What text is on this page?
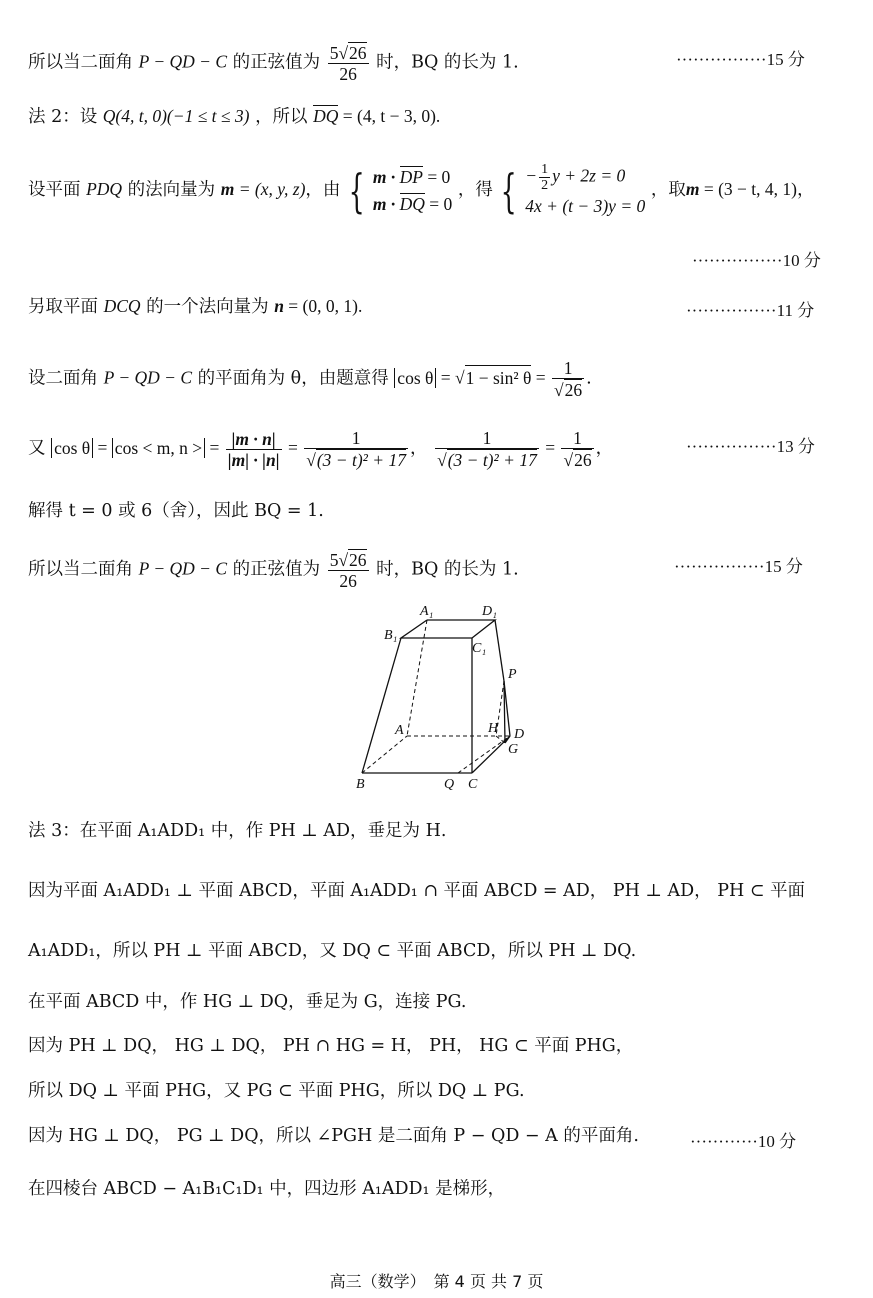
所以当二面角 P − QD − C 的正弦值为 $\frac{5√26}{26}$ 时，BQ 的长为 1.	················15 分
法 2：设 Q(4, t, 0)(−1 ≤ t ≤ 3) ，所以 DQ = (4, t − 3, 0).
设平面 PDQ 的法向量为 m = (x, y, z)，由 { m · DP = 0
m · DQ = 0
，得 { − $\frac{1}{2}$ y + 2z = 0
4x + (t − 3)y = 0
，取m = (3 − t, 4, 1)，
················10 分
另取平面 DCQ 的一个法向量为 n = (0, 0, 1).	················11 分
设二面角 P − QD − C 的平面角为 θ，由题意得 cos θ = √1 − sin² $\theta = \frac{1}{√26}$ .
又 cos θ = cos < m, n > = $\frac{|m \cdot n|}{|m| \cdot |n|} = \frac{1}{\text{√(3 − t)² + 17}}$ ， $\frac{1}{\text{√(3 − t)² + 17}} = \frac{1}{√26}$ ，	················13 分
解得 t = 0 或 6（舍），因此 BQ = 1.
所以当二面角 P − QD − C 的正弦值为 $\frac{5√26}{26}$ 时，BQ 的长为 1.	················15 分
A₁	D₁
B₁
C₁
P
A	H D
G
B	Q C
法 3：在平面 A₁ADD₁ 中，作 PH ⊥ AD，垂足为 H.
因为平面 A₁ADD₁ ⊥ 平面 ABCD，平面 A₁ADD₁ ∩ 平面 ABCD = AD， PH ⊥ AD， PH ⊂ 平面
A₁ADD₁，所以 PH ⊥ 平面 ABCD，又 DQ ⊂ 平面 ABCD，所以 PH ⊥ DQ.
在平面 ABCD 中，作 HG ⊥ DQ，垂足为 G，连接 PG.
因为 PH ⊥ DQ， HG ⊥ DQ， PH ∩ HG = H， PH， HG ⊂ 平面 PHG，
所以 DQ ⊥ 平面 PHG，又 PG ⊂ 平面 PHG，所以 DQ ⊥ PG.
因为 HG ⊥ DQ， PG ⊥ DQ，所以 ∠PGH 是二面角 P − QD − A 的平面角.	············10 分
在四棱台 ABCD − A₁B₁C₁D₁ 中，四边形 A₁ADD₁ 是梯形，
高三（数学）　第 4 页 共 7 页
